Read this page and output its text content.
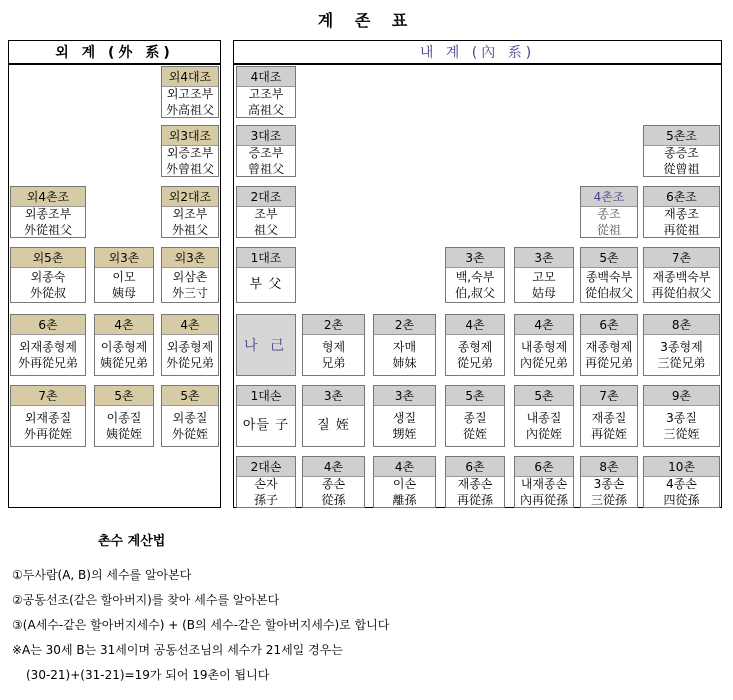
계 존 표
외 계 (外 系)	내 계 (內 系)
외4대조
외고조부
外高祖父
외3대조
외증조부
外曾祖父
외4촌조
외종조부
外從祖父
외2대조
외조부
外祖父
외5촌
외종숙
外從叔
외3촌
이모
姨母
외3촌
외삼촌
外三寸
6촌
외재종형제
外再從兄弟
4촌
이종형제
姨從兄弟
4촌
외종형제
外從兄弟
7촌
외재종질
外再從姪
5촌
이종질
姨從姪
5촌
외종질
外從姪
4대조
고조부
高祖父
3대조
증조부
曾祖父
2대조
조부
祖父
1대조
부 父
나 己
1대손
아들 子
2대손
손자
孫子
5촌조
종증조
從曾祖
4촌조
종조
從祖
6촌조
재종조
再從祖
3촌
백,숙부
伯,叔父
3촌
고모
姑母
5촌
종백숙부
從伯叔父
7촌
재종백숙부
再從伯叔父
2촌
형제
兄弟
2촌
자매
姉妹
4촌
종형제
從兄弟
4촌
내종형제
內從兄弟
6촌
재종형제
再從兄弟
8촌
3종형제
三從兄弟
3촌
질 姪
3촌
생질
甥姪
5촌
종질
從姪
5촌
내종질
內從姪
7촌
재종질
再從姪
9촌
3종질
三從姪
4촌
종손
從孫
4촌
이손
離孫
6촌
재종손
再從孫
6촌
내재종손
內再從孫
8촌
3종손
三從孫
10촌
4종손
四從孫
촌수 계산법
①두사람(A, B)의 세수를 알아본다
②공동선조(같은 할아버지)를 찾아 세수를 알아본다
③(A세수-같은 할아버지세수) + (B의 세수-같은 할아버지세수)로 합니다
※A는 30세 B는 31세이며 공동선조님의 세수가 21세일 경우는
(30-21)+(31-21)=19가 되어 19촌이 됩니다
